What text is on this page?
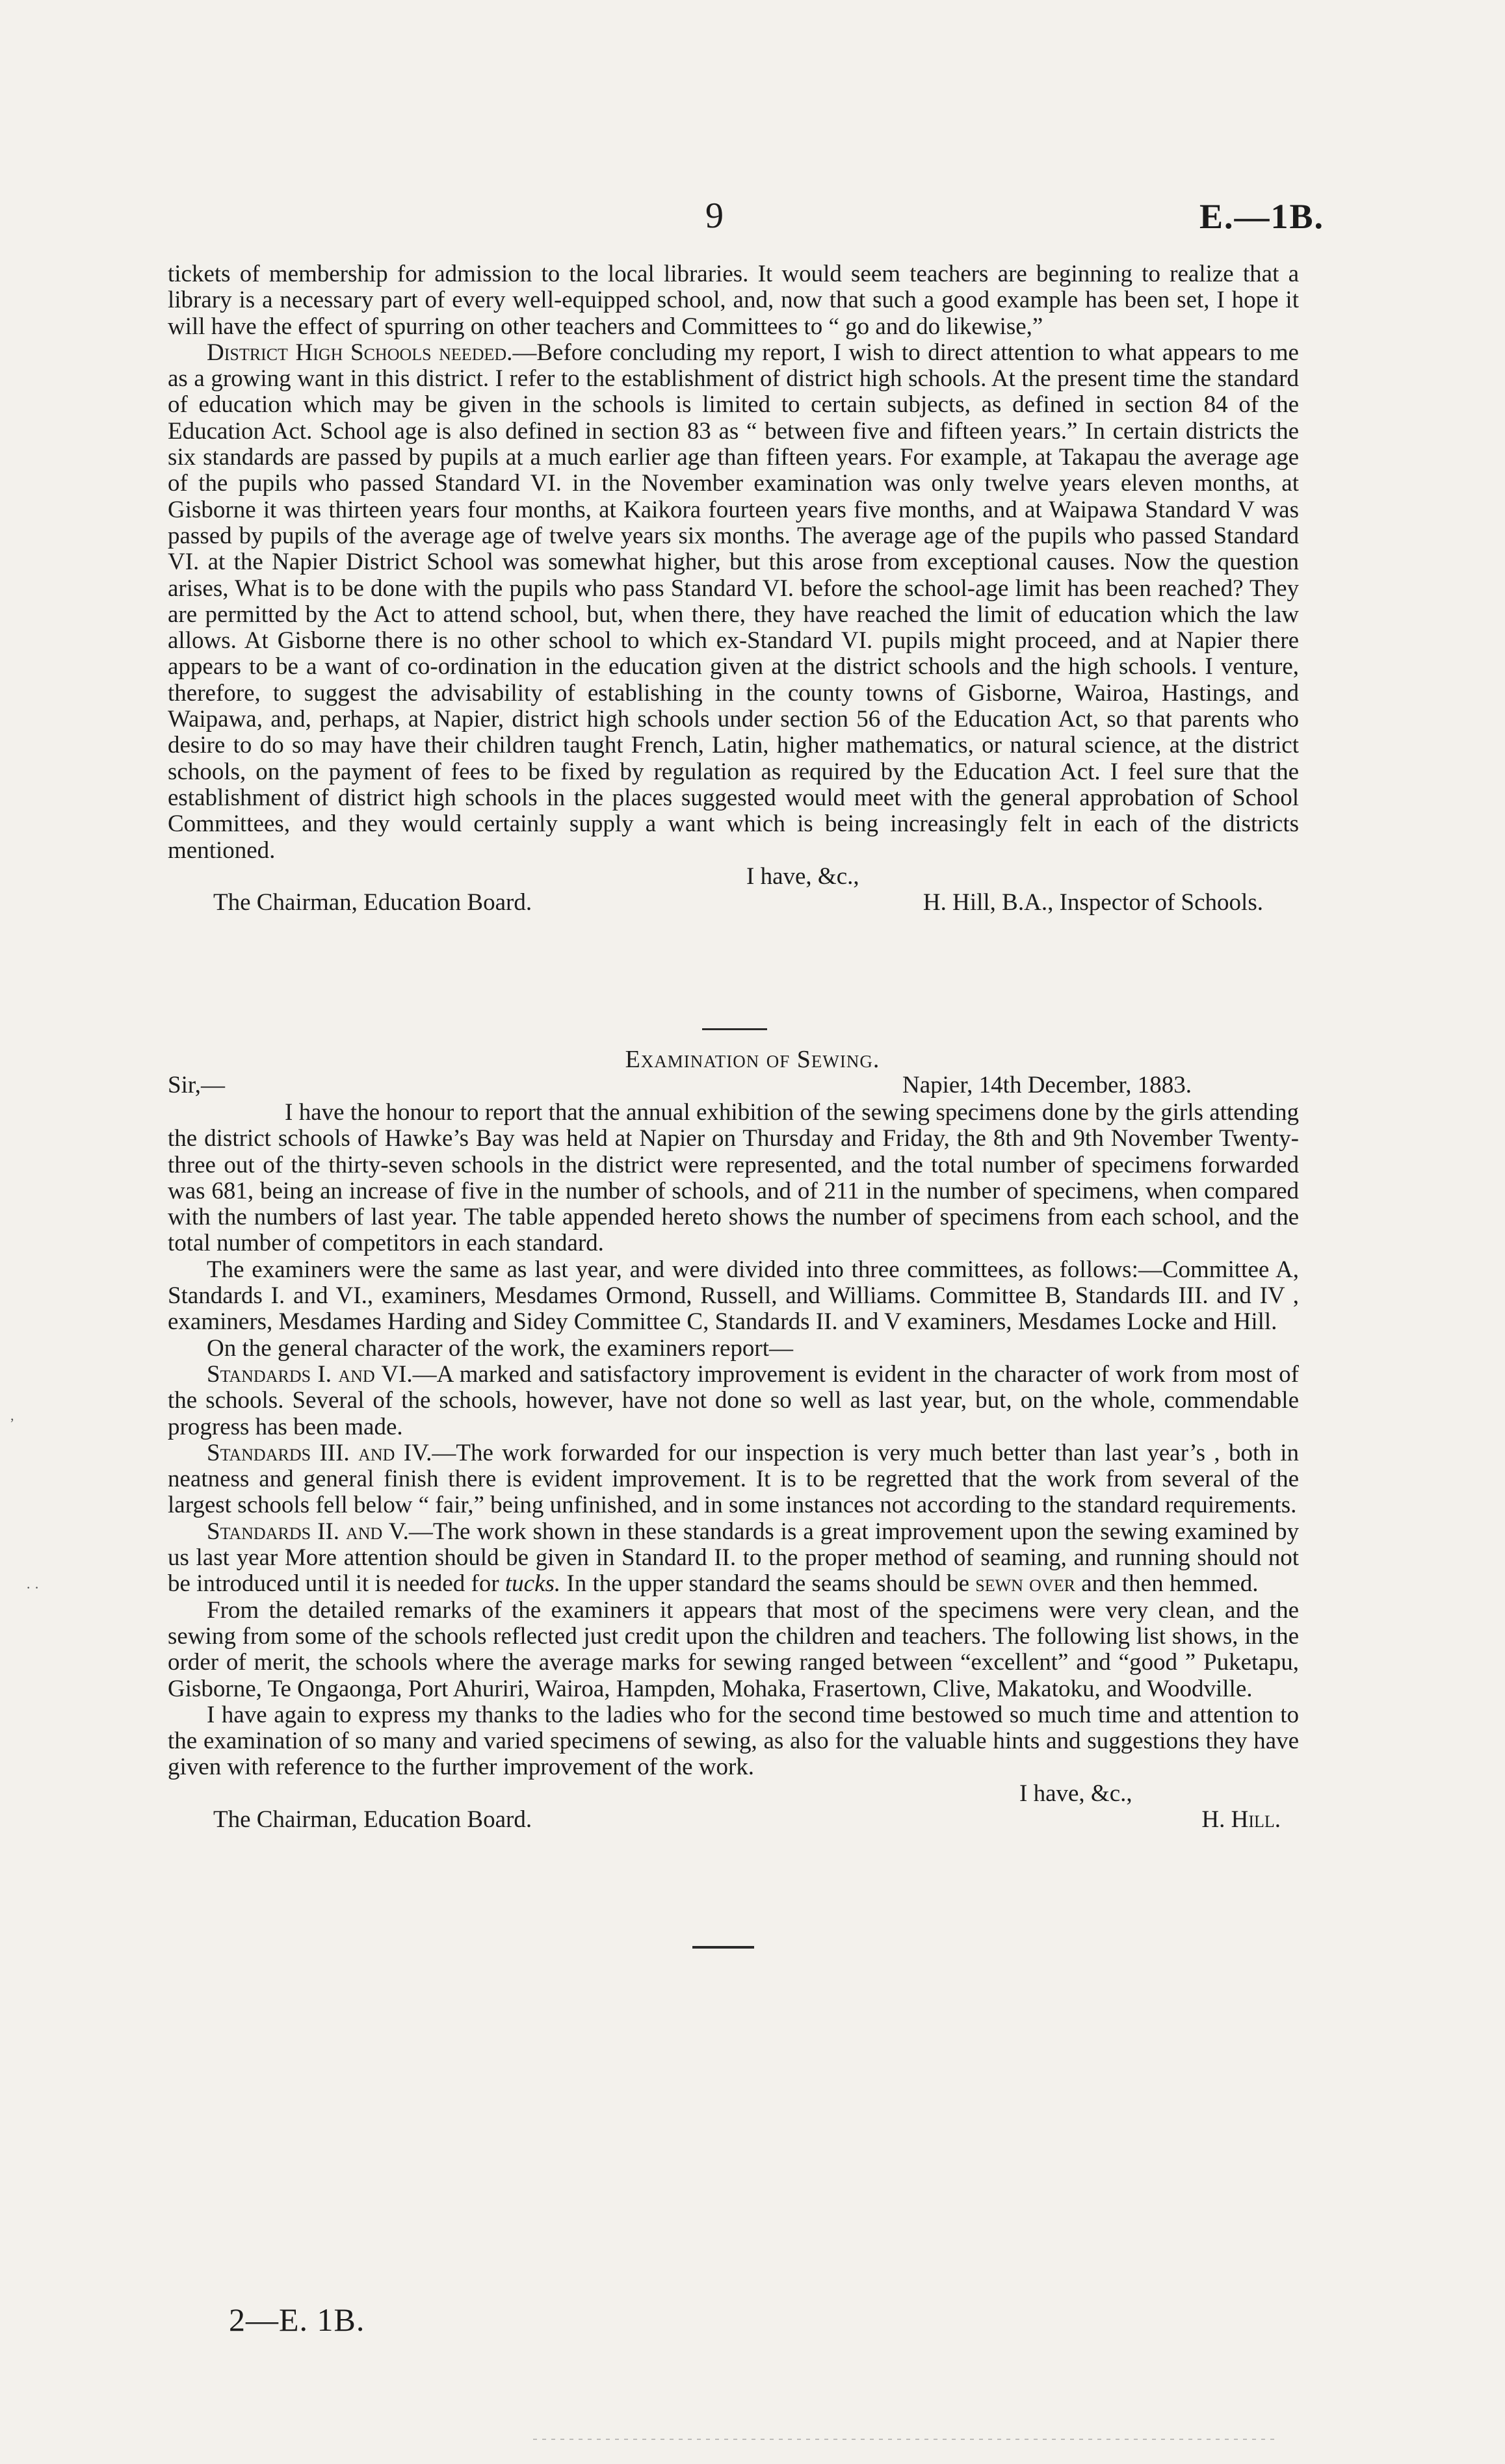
9	E.—1B.

tickets of membership for admission to the local libraries. It would seem teachers are beginning to realize that a library is a necessary part of every well-equipped school, and, now that such a good example has been set, I hope it will have the effect of spurring on other teachers and Committees to “ go and do likewise,”

District High Schools needed.—Before concluding my report, I wish to direct attention to what appears to me as a growing want in this district. I refer to the establishment of district high schools. At the present time the standard of education which may be given in the schools is limited to certain subjects, as defined in section 84 of the Education Act. School age is also defined in section 83 as “ between five and fifteen years.” In certain districts the six standards are passed by pupils at a much earlier age than fifteen years. For example, at Takapau the average age of the pupils who passed Standard VI. in the November examination was only twelve years eleven months, at Gisborne it was thirteen years four months, at Kaikora fourteen years five months, and at Waipawa Standard V was passed by pupils of the average age of twelve years six months. The average age of the pupils who passed Standard VI. at the Napier District School was somewhat higher, but this arose from exceptional causes. Now the question arises, What is to be done with the pupils who pass Standard VI. before the school-age limit has been reached? They are permitted by the Act to attend school, but, when there, they have reached the limit of education which the law allows. At Gisborne there is no other school to which ex-Standard VI. pupils might proceed, and at Napier there appears to be a want of co-ordination in the education given at the district schools and the high schools. I venture, therefore, to suggest the advisability of establishing in the county towns of Gisborne, Wairoa, Hastings, and Waipawa, and, perhaps, at Napier, district high schools under section 56 of the Education Act, so that parents who desire to do so may have their children taught French, Latin, higher mathematics, or natural science, at the district schools, on the payment of fees to be fixed by regulation as required by the Education Act. I feel sure that the establishment of district high schools in the places suggested would meet with the general approbation of School Committees, and they would certainly supply a want which is being increasingly felt in each of the districts mentioned.

I have, &c.,
The Chairman, Education Board.	H. Hill, B.A., Inspector of Schools.
Examination of Sewing.
Sir,—	Napier, 14th December, 1883.

I have the honour to report that the annual exhibition of the sewing specimens done by the girls attending the district schools of Hawke’s Bay was held at Napier on Thursday and Friday, the 8th and 9th November Twenty-three out of the thirty-seven schools in the district were represented, and the total number of specimens forwarded was 681, being an increase of five in the number of schools, and of 211 in the number of specimens, when compared with the numbers of last year. The table appended hereto shows the number of specimens from each school, and the total number of competitors in each standard.

The examiners were the same as last year, and were divided into three committees, as follows:—Committee A, Standards I. and VI., examiners, Mesdames Ormond, Russell, and Williams. Committee B, Standards III. and IV , examiners, Mesdames Harding and Sidey Committee C, Standards II. and V examiners, Mesdames Locke and Hill.

On the general character of the work, the examiners report—

Standards I. and VI.—A marked and satisfactory improvement is evident in the character of work from most of the schools. Several of the schools, however, have not done so well as last year, but, on the whole, commendable progress has been made.

Standards III. and IV.—The work forwarded for our inspection is very much better than last year’s , both in neatness and general finish there is evident improvement. It is to be regretted that the work from several of the largest schools fell below “ fair,” being unfinished, and in some instances not according to the standard requirements.

Standards II. and V.—The work shown in these standards is a great improvement upon the sewing examined by us last year More attention should be given in Standard II. to the proper method of seaming, and running should not be introduced until it is needed for tucks. In the upper standard the seams should be sewn over and then hemmed.

From the detailed remarks of the examiners it appears that most of the specimens were very clean, and the sewing from some of the schools reflected just credit upon the children and teachers. The following list shows, in the order of merit, the schools where the average marks for sewing ranged between “excellent” and “good ” Puketapu, Gisborne, Te Ongaonga, Port Ahuriri, Wairoa, Hampden, Mohaka, Frasertown, Clive, Makatoku, and Woodville.

I have again to express my thanks to the ladies who for the second time bestowed so much time and attention to the examination of so many and varied specimens of sewing, as also for the valuable hints and suggestions they have given with reference to the further improvement of the work.

I have, &c.,
The Chairman, Education Board.	H. Hill.
2—E. 1B.
,
· ·
